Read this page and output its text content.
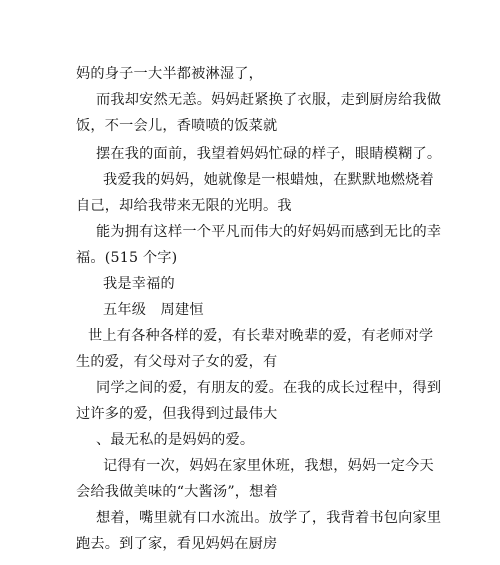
妈的身子一大半都被淋湿了，
而我却安然无恙。妈妈赶紧换了衣服，走到厨房给我做
饭，不一会儿，香喷喷的饭菜就
摆在我的面前，我望着妈妈忙碌的样子，眼睛模糊了。
我爱我的妈妈，她就像是一根蜡烛，在默默地燃烧着
自己，却给我带来无限的光明。我
能为拥有这样一个平凡而伟大的好妈妈而感到无比的幸
福。(515 个字)
我是幸福的
五年级　周建恒
世上有各种各样的爱，有长辈对晚辈的爱，有老师对学
生的爱，有父母对子女的爱，有
同学之间的爱，有朋友的爱。在我的成长过程中，得到
过许多的爱，但我得到过最伟大
、最无私的是妈妈的爱。
记得有一次，妈妈在家里休班，我想，妈妈一定今天
会给我做美味的“大酱汤”，想着
想着，嘴里就有口水流出。放学了，我背着书包向家里
跑去。到了家，看见妈妈在厨房
